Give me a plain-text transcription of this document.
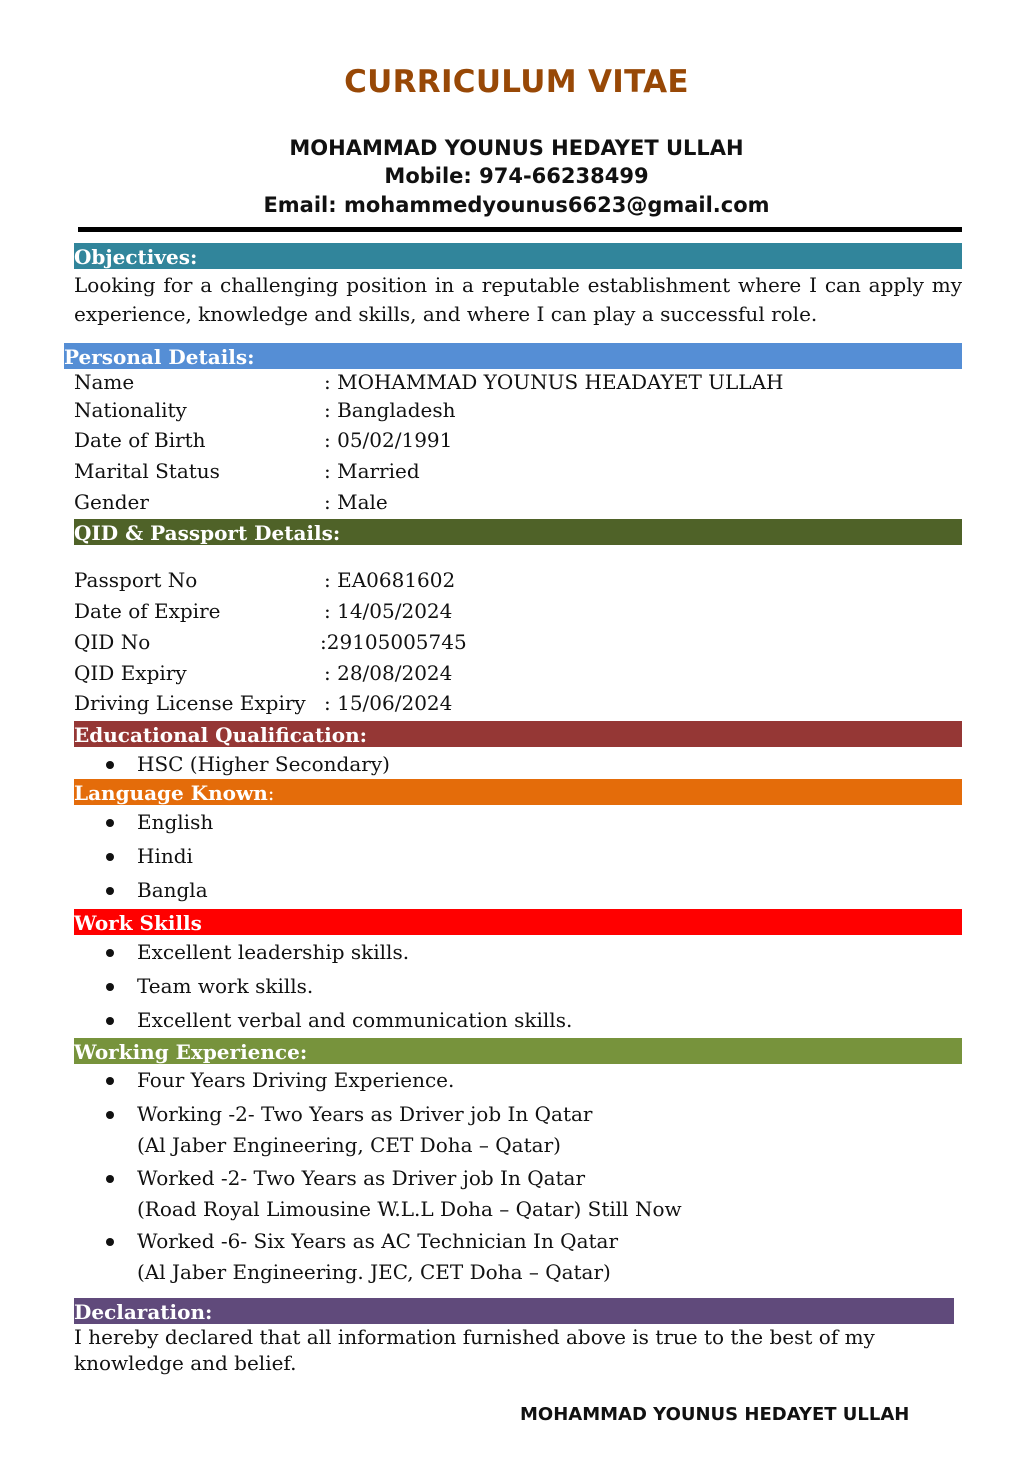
CURRICULUM VITAE
MOHAMMAD YOUNUS HEDAYET ULLAH
Mobile: 974-66238499
Email: mohammedyounus6623@gmail.com
Objectives:
Looking for a challenging position in a reputable establishment where I can apply my experience, knowledge and skills, and where I can play a successful role.
Personal Details:
Name	: MOHAMMAD YOUNUS HEADAYET ULLAH
Nationality	: Bangladesh
Date of Birth	: 05/02/1991
Marital Status	: Married
Gender	: Male
QID & Passport Details:
Passport No	: EA0681602
Date of Expire	: 14/05/2024
QID No	:29105005745
QID Expiry	: 28/08/2024
Driving License Expiry : 15/06/2024
Educational Qualification:
HSC (Higher Secondary)
Language Known:
English
Hindi
Bangla
Work Skills
Excellent leadership skills.
Team work skills.
Excellent verbal and communication skills.
Working Experience:
Four Years Driving Experience.
Working -2- Two Years as Driver job In Qatar
(Al Jaber Engineering, CET Doha – Qatar)
Worked -2- Two Years as Driver job In Qatar
(Road Royal Limousine W.L.L Doha – Qatar) Still Now
Worked -6- Six Years as AC Technician In Qatar
(Al Jaber Engineering. JEC, CET Doha – Qatar)
Declaration:
I hereby declared that all information furnished above is true to the best of my knowledge and belief.
MOHAMMAD YOUNUS HEDAYET ULLAH
